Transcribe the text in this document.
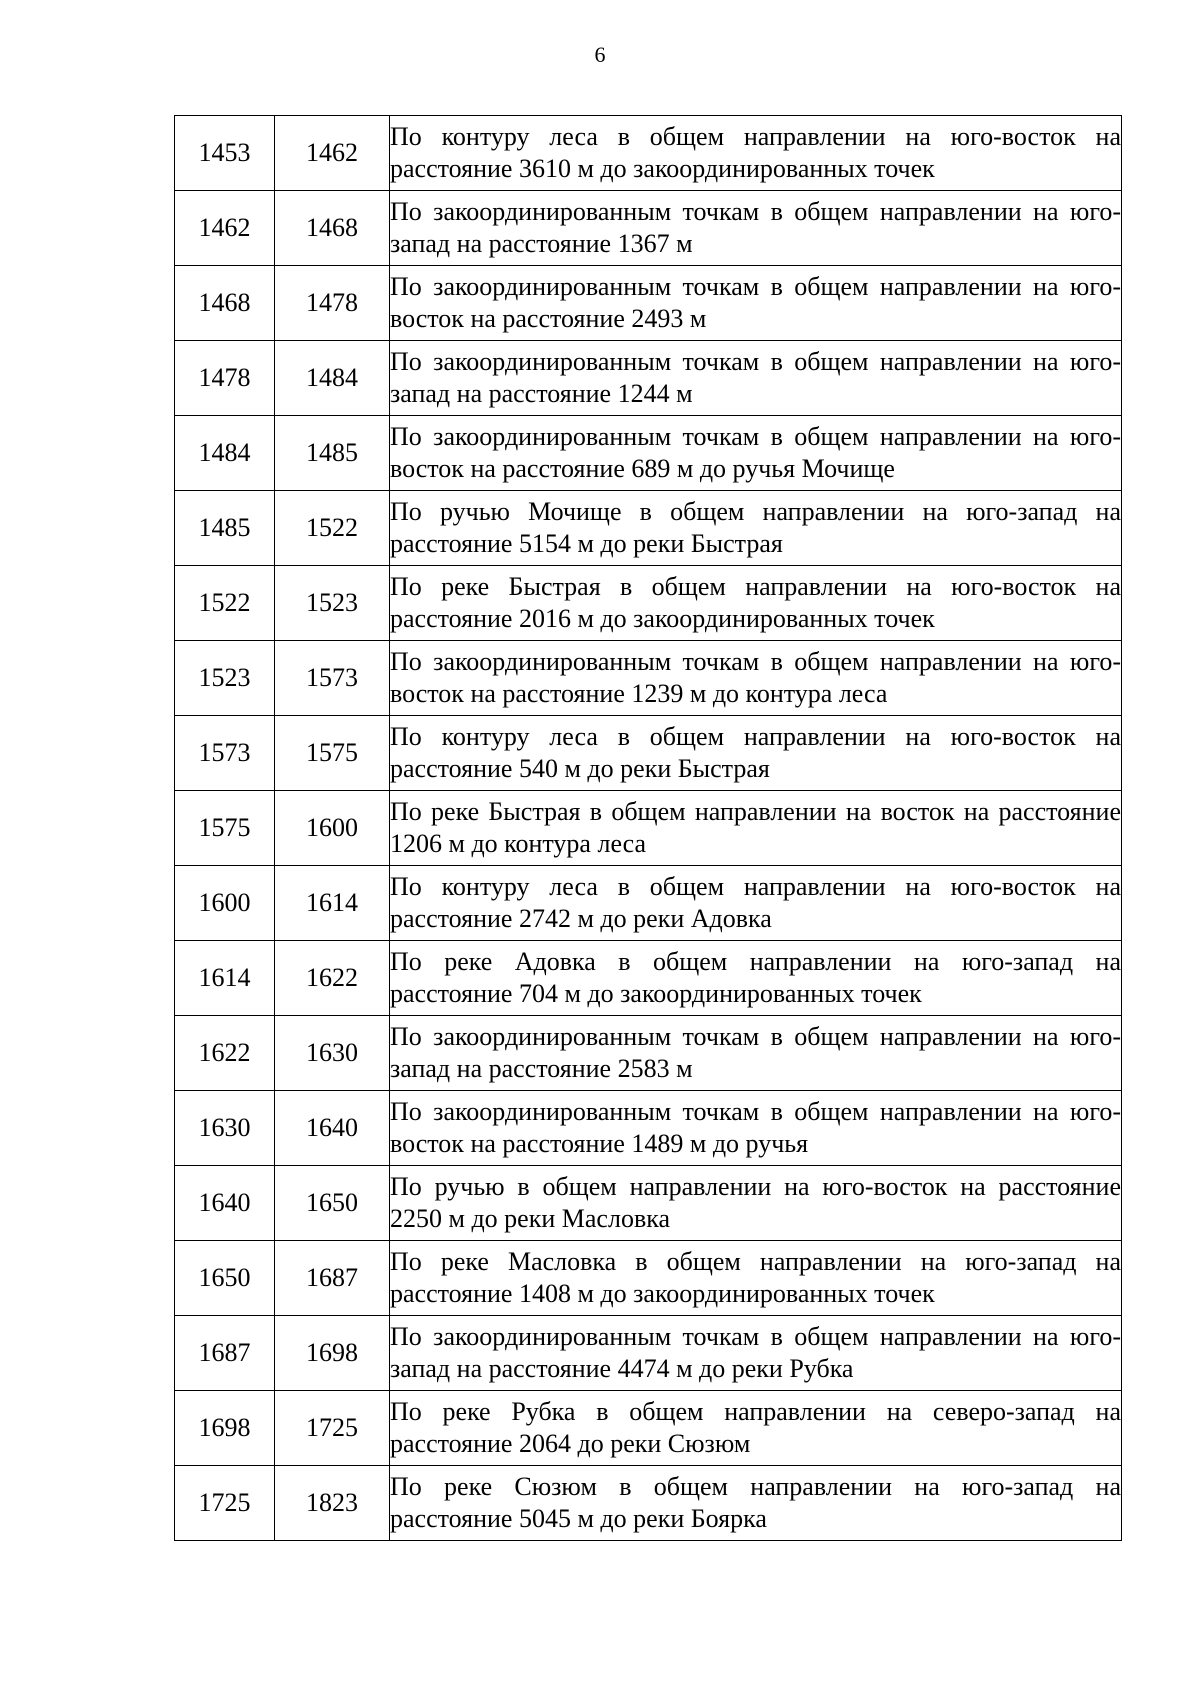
6
1453	1462	По контуру леса в общем направлении на юго-восток на расстояние 3610 м до закоординированных точек
1462	1468	По закоординированным точкам в общем направлении на юго-запад на расстояние 1367 м
1468	1478	По закоординированным точкам в общем направлении на юго-восток на расстояние 2493 м
1478	1484	По закоординированным точкам в общем направлении на юго-запад на расстояние 1244 м
1484	1485	По закоординированным точкам в общем направлении на юго-восток на расстояние 689 м до ручья Мочище
1485	1522	По ручью Мочище в общем направлении на юго-запад на расстояние 5154 м до реки Быстрая
1522	1523	По реке Быстрая в общем направлении на юго-восток на расстояние 2016 м до закоординированных точек
1523	1573	По закоординированным точкам в общем направлении на юго-восток на расстояние 1239 м до контура леса
1573	1575	По контуру леса в общем направлении на юго-восток на расстояние 540 м до реки Быстрая
1575	1600	По реке Быстрая в общем направлении на восток на расстояние 1206 м до контура леса
1600	1614	По контуру леса в общем направлении на юго-восток на расстояние 2742 м до реки Адовка
1614	1622	По реке Адовка в общем направлении на юго-запад на расстояние 704 м до закоординированных точек
1622	1630	По закоординированным точкам в общем направлении на юго-запад на расстояние 2583 м
1630	1640	По закоординированным точкам в общем направлении на юго-восток на расстояние 1489 м до ручья
1640	1650	По ручью в общем направлении на юго-восток на расстояние 2250 м до реки Масловка
1650	1687	По реке Масловка в общем направлении на юго-запад на расстояние 1408 м до закоординированных точек
1687	1698	По закоординированным точкам в общем направлении на юго-запад на расстояние 4474 м до реки Рубка
1698	1725	По реке Рубка в общем направлении на северо-запад на расстояние 2064 до реки Сюзюм
1725	1823	По реке Сюзюм в общем направлении на юго-запад на расстояние 5045 м до реки Боярка
